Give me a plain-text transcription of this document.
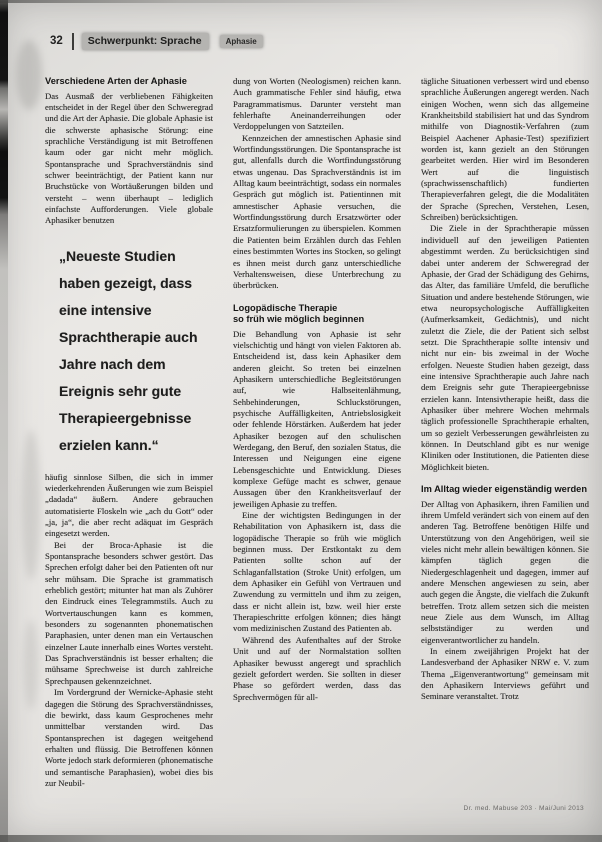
32	Schwerpunkt: Sprache	Aphasie
Verschiedene Arten der Aphasie

Das Ausmaß der verbliebenen Fähigkeiten entscheidet in der Regel über den Schweregrad und die Art der Aphasie. Die globale Aphasie ist die schwerste aphasische Störung: eine sprachliche Verständigung ist mit Betroffenen kaum oder gar nicht mehr möglich. Spontansprache und Sprachverständnis sind schwer beeinträchtigt, der Patient kann nur Bruchstücke von Wortäußerungen bilden und versteht – wenn überhaupt – lediglich einfachste Aufforderungen. Viele globale Aphasiker benutzen

„Neueste Studien haben gezeigt, dass eine intensive Sprachtherapie auch Jahre nach dem Ereignis sehr gute Therapieergebnisse erzielen kann.“

häufig sinnlose Silben, die sich in immer wiederkehrenden Äußerungen wie zum Beispiel „dadada“ äußern. Andere gebrauchen automatisierte Floskeln wie „ach du Gott“ oder „ja, ja“, die aber recht adäquat im Gespräch eingesetzt werden.

Bei der Broca-Aphasie ist die Spontansprache besonders schwer gestört. Das Sprechen erfolgt daher bei den Patienten oft nur sehr mühsam. Die Sprache ist grammatisch erheblich gestört; mitunter hat man als Zuhörer den Eindruck eines Telegrammstils. Auch zu Wortvertauschungen kann es kommen, besonders zu sogenannten phonematischen Paraphasien, unter denen man ein Vertauschen einzelner Laute innerhalb eines Wortes versteht. Das Sprachverständnis ist besser erhalten; die mühsame Sprechweise ist durch zahlreiche Sprechpausen gekennzeichnet.

Im Vordergrund der Wernicke-Aphasie steht dagegen die Störung des Sprachverständnisses, die bewirkt, dass kaum Gesprochenes mehr unmittelbar verstanden wird. Das Spontansprechen ist dagegen weitgehend erhalten und flüssig. Die Betroffenen können Worte jedoch stark deformieren (phonematische und semantische Paraphasien), wobei dies bis zur Neubil-

dung von Worten (Neologismen) reichen kann. Auch grammatische Fehler sind häufig, etwa Paragrammatismus. Darunter versteht man fehlerhafte Aneinanderreihungen oder Verdoppelungen von Satzteilen.

Kennzeichen der amnestischen Aphasie sind Wortfindungsstörungen. Die Spontansprache ist gut, allenfalls durch die Wortfindungsstörung etwas ungenau. Das Sprachverständnis ist im Alltag kaum beeinträchtigt, sodass ein normales Gespräch gut möglich ist. Patientinnen mit amnestischer Aphasie versuchen, die Wortfindungsstörung durch Ersatzwörter oder Ersatzformulierungen zu überspielen. Kommen die Patienten beim Erzählen durch das Fehlen eines bestimmten Wortes ins Stocken, so gelingt es ihnen meist durch ganz unterschiedliche Verhaltensweisen, diese Unterbrechung zu überbrücken.

Logopädische Therapie
so früh wie möglich beginnen

Die Behandlung von Aphasie ist sehr vielschichtig und hängt von vielen Faktoren ab. Entscheidend ist, dass kein Aphasiker dem anderen gleicht. So treten bei einzelnen Aphasikern unterschiedliche Begleitstörungen auf, wie Halbseitenlähmung, Sehbehinderungen, Schluckstörungen, psychische Auffälligkeiten, Antriebslosigkeit oder fehlende Hörstärken. Außerdem hat jeder Aphasiker bezogen auf den schulischen Werdegang, den Beruf, den sozialen Status, die Interessen und Neigungen eine eigene Lebensgeschichte und Entwicklung. Dieses komplexe Gefüge macht es schwer, genaue Aussagen über den Krankheitsverlauf der jeweiligen Aphasie zu treffen.

Eine der wichtigsten Bedingungen in der Rehabilitation von Aphasikern ist, dass die logopädische Therapie so früh wie möglich beginnen muss. Der Erstkontakt zu dem Patienten sollte schon auf der Schlaganfallstation (Stroke Unit) erfolgen, um dem Aphasiker ein Gefühl von Vertrauen und Zuwendung zu vermitteln und ihm zu zeigen, dass er nicht allein ist, bzw. weil hier erste Therapieschritte erfolgen können; dies hängt vom medizinischen Zustand des Patienten ab.

Während des Aufenthaltes auf der Stroke Unit und auf der Normalstation sollten Aphasiker bewusst angeregt und sprachlich gezielt gefordert werden. Sie sollten in dieser Phase so gefördert werden, dass das Sprechvermögen für all-

tägliche Situationen verbessert wird und ebenso sprachliche Äußerungen angeregt werden. Nach einigen Wochen, wenn sich das allgemeine Krankheitsbild stabilisiert hat und das Syndrom mithilfe von Diagnostik-Verfahren (zum Beispiel Aachener Aphasie-Test) spezifiziert worden ist, kann gezielt an den Störungen gearbeitet werden. Hier wird im Besonderen Wert auf die linguistisch (sprachwissenschaftlich) fundierten Therapieverfahren gelegt, die die Modalitäten der Sprache (Sprechen, Verstehen, Lesen, Schreiben) berücksichtigen.

Die Ziele in der Sprachtherapie müssen individuell auf den jeweiligen Patienten abgestimmt werden. Zu berücksichtigen sind dabei unter anderem der Schweregrad der Aphasie, der Grad der Schädigung des Gehirns, das Alter, das familiäre Umfeld, die berufliche Situation und andere bestehende Störungen, wie etwa neuropsychologische Auffälligkeiten (Aufmerksamkeit, Gedächtnis), und nicht zuletzt die Ziele, die der Patient sich selbst setzt. Die Sprachtherapie sollte intensiv und nicht nur ein- bis zweimal in der Woche erfolgen. Neueste Studien haben gezeigt, dass eine intensive Sprachtherapie auch Jahre nach dem Ereignis sehr gute Therapieergebnisse erzielen kann. Intensivtherapie heißt, dass die Aphasiker über mehrere Wochen mehrmals täglich professionelle Sprachtherapie erhalten, um so gezielt Verbesserungen gewährleisten zu können. In Deutschland gibt es nur wenige Kliniken oder Institutionen, die Patienten diese Möglichkeit bieten.

Im Alltag wieder eigenständig werden

Der Alltag von Aphasikern, ihren Familien und ihrem Umfeld verändert sich von einem auf den anderen Tag. Betroffene benötigen Hilfe und Unterstützung von den Angehörigen, weil sie vieles nicht mehr allein bewältigen können. Sie kämpfen täglich gegen die Niedergeschlagenheit und dagegen, immer auf andere Menschen angewiesen zu sein, aber auch gegen die Ängste, die vielfach die Zukunft betreffen. Trotz allem setzen sich die meisten neue Ziele aus dem Wunsch, im Alltag selbstständiger zu werden und eigenverantwortlicher zu handeln.

In einem zweijährigen Projekt hat der Landesverband der Aphasiker NRW e. V. zum Thema „Eigenverantwortung“ gemeinsam mit den Aphasikern Interviews geführt und Seminare veranstaltet. Trotz

Dr. med. Mabuse 203 · Mai/Juni 2013
